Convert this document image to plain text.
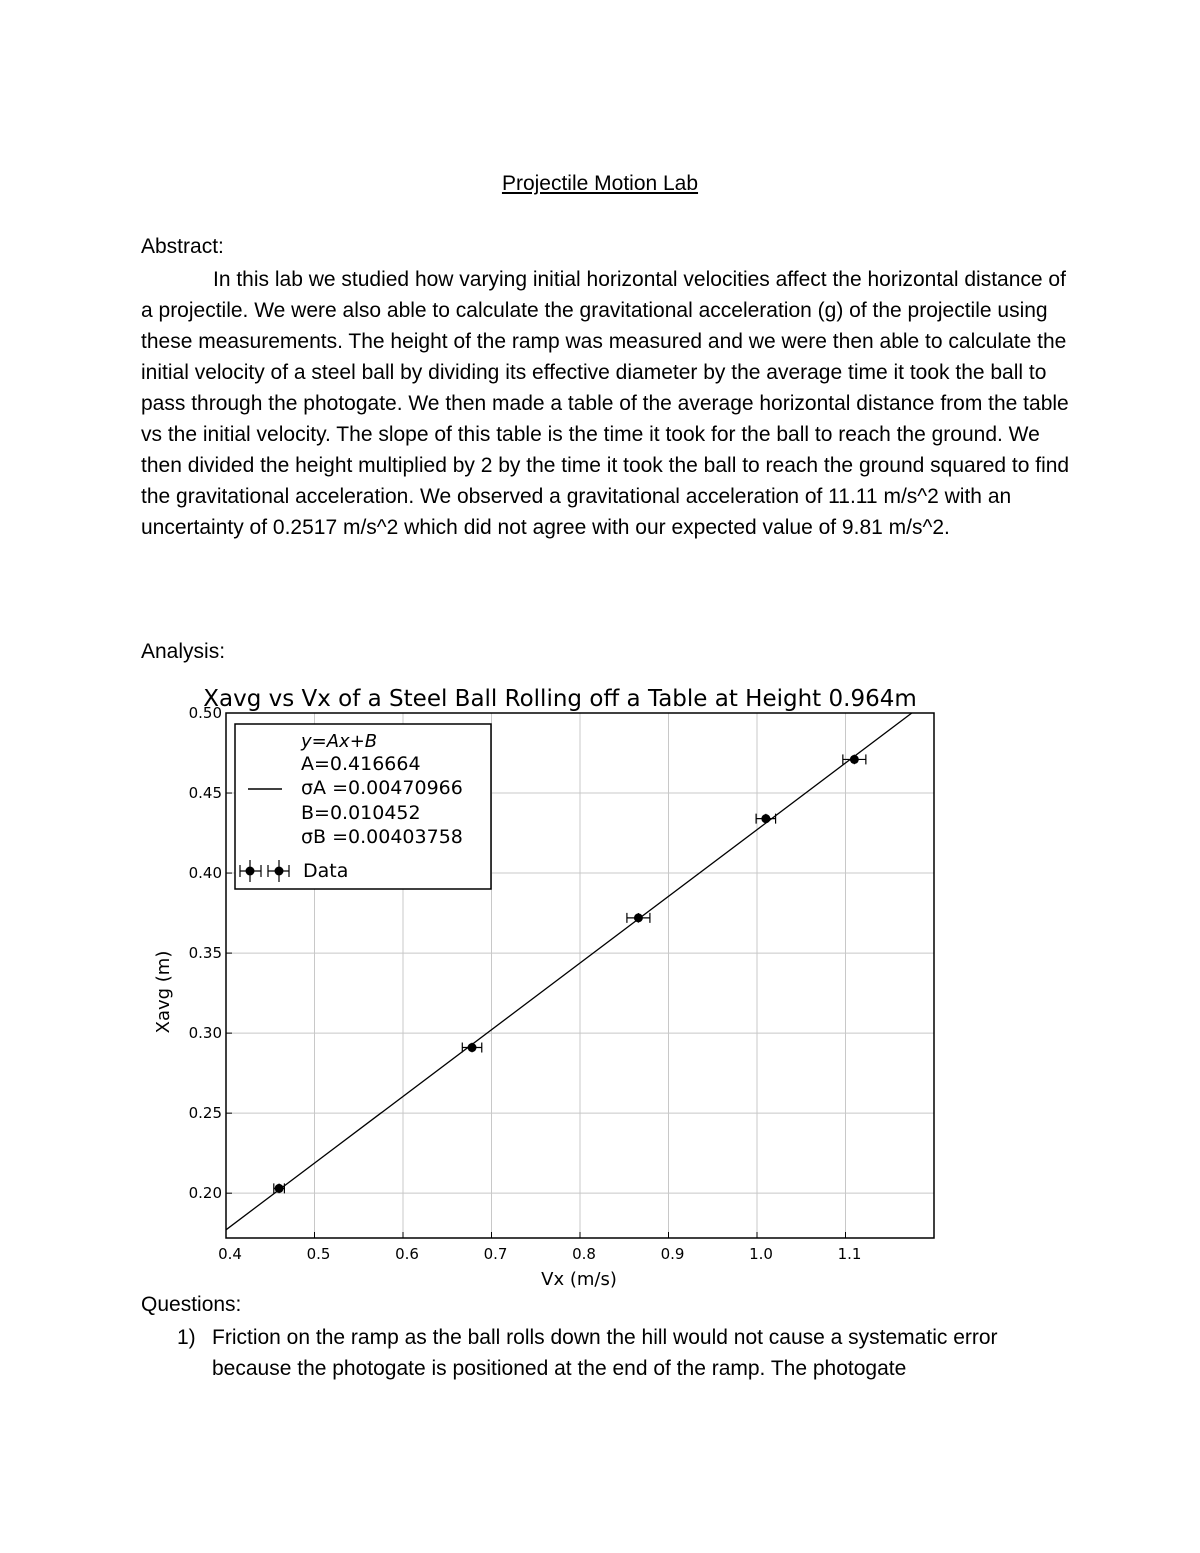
Projectile Motion Lab
Abstract:

In this lab we studied how varying initial horizontal velocities affect the horizontal distance of a projectile. We were also able to calculate the gravitational acceleration (g) of the projectile using these measurements. The height of the ramp was measured and we were then able to calculate the initial velocity of a steel ball by dividing its effective diameter by the average time it took the ball to pass through the photogate. We then made a table of the average horizontal distance from the table vs the initial velocity. The slope of this table is the time it took for the ball to reach the ground. We then divided the height multiplied by 2 by the time it took the ball to reach the ground squared to find the gravitational acceleration. We observed a gravitational acceleration of 11.11 m/s^2 with an uncertainty of 0.2517 m/s^2 which did not agree with our expected value of 9.81 m/s^2.

Analysis:
0.4	0.5	0.6	0.7	0.8	0.9	1.0	1.1
0.20
0.25
0.30
0.35
0.40
0.45
0.50
Xavg vs Vx of a Steel Ball Rolling off a Table at Height 0.964m
Vx (m/s)
Xavg (m)
y=Ax+B
A=0.416664
σA =0.00470966
B=0.010452
σB =0.00403758
Data
Questions:
1) Friction on the ramp as the ball rolls down the hill would not cause a systematic error because the photogate is positioned at the end of the ramp. The photogate
